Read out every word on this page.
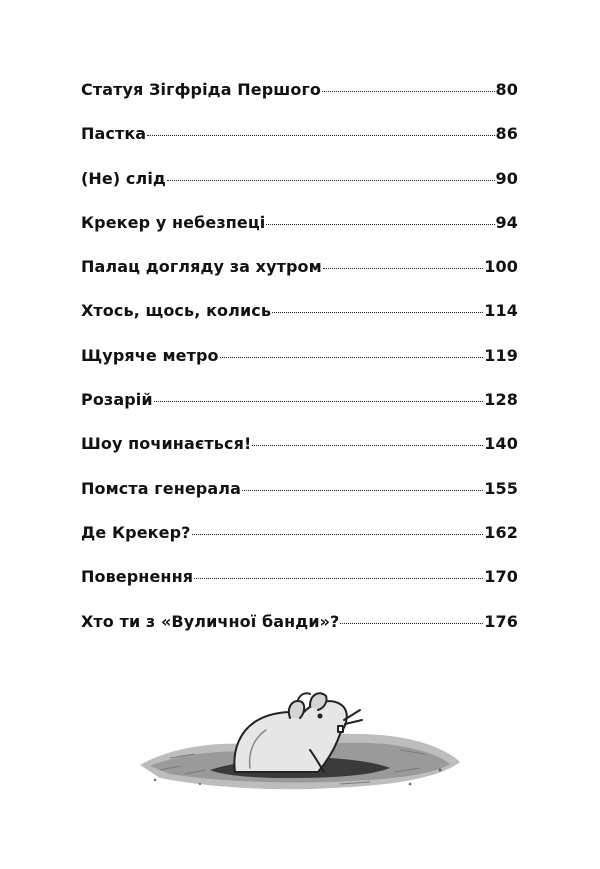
Статуя Зігфріда Першого	80
Пастка	86
(Не) слід	90
Крекер у небезпеці	94
Палац догляду за хутром	100
Хтось, щось, колись	114
Щуряче метро	119
Розарій	128
Шоу починається!	140
Помста генерала	155
Де Крекер?	162
Повернення	170
Хто ти з «Вуличної банди»?	176
